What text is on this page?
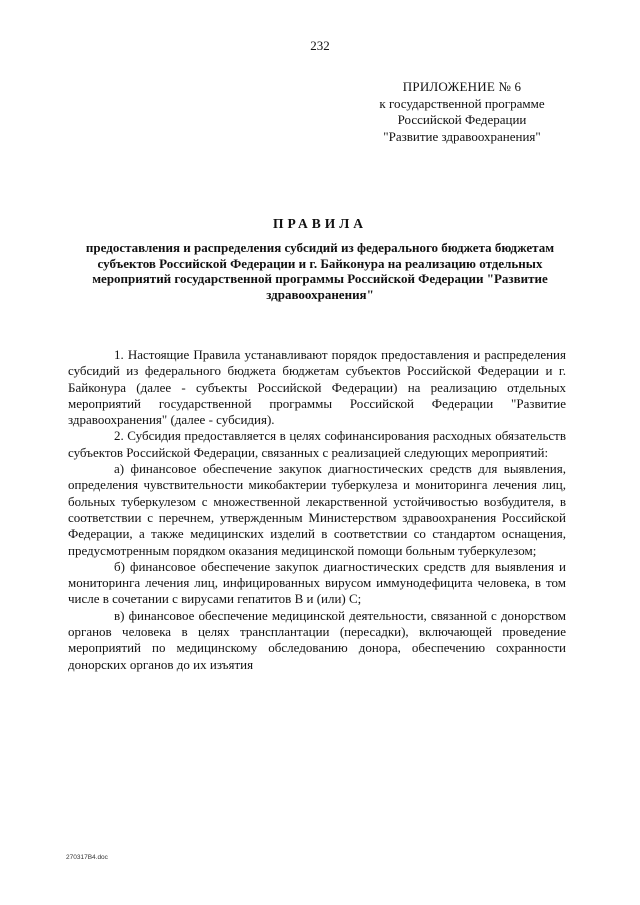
232
ПРИЛОЖЕНИЕ № 6
к государственной программе
Российской Федерации
"Развитие здравоохранения"
ПРАВИЛА
предоставления и распределения субсидий из федерального бюджета бюджетам субъектов Российской Федерации и г. Байконура на реализацию отдельных мероприятий государственной программы Российской Федерации "Развитие здравоохранения"

1. Настоящие Правила устанавливают порядок предоставления и распределения субсидий из федерального бюджета бюджетам субъектов Российской Федерации и г. Байконура (далее - субъекты Российской Федерации) на реализацию отдельных мероприятий государственной программы Российской Федерации "Развитие здравоохранения" (далее - субсидия).

2. Субсидия предоставляется в целях софинансирования расходных обязательств субъектов Российской Федерации, связанных с реализацией следующих мероприятий:

а) финансовое обеспечение закупок диагностических средств для выявления, определения чувствительности микобактерии туберкулеза и мониторинга лечения лиц, больных туберкулезом с множественной лекарственной устойчивостью возбудителя, в соответствии с перечнем, утвержденным Министерством здравоохранения Российской Федерации, а также медицинских изделий в соответствии со стандартом оснащения, предусмотренным порядком оказания медицинской помощи больным туберкулезом;

б) финансовое обеспечение закупок диагностических средств для выявления и мониторинга лечения лиц, инфицированных вирусом иммунодефицита человека, в том числе в сочетании с вирусами гепатитов B и (или) C;

в) финансовое обеспечение медицинской деятельности, связанной с донорством органов человека в целях трансплантации (пересадки), включающей проведение мероприятий по медицинскому обследованию донора, обеспечению сохранности донорских органов до их изъятия

270317В4.doc
